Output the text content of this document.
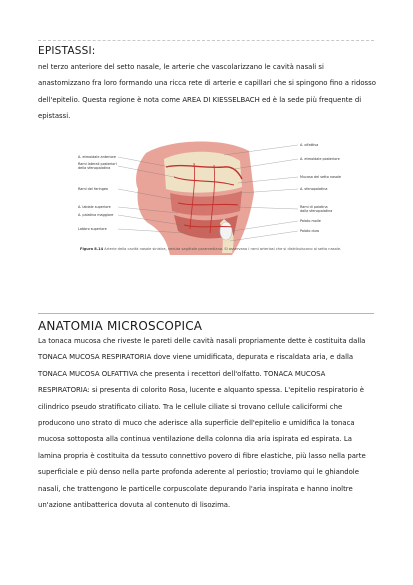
EPISTASSI:

nel terzo anteriore del setto nasale, le arterie che vascolarizzano le cavità nasali si anastomizzano fra loro formando una ricca rete di arterie e capillari che si spingono fino a ridosso dell'epitelio. Questa regione è nota come AREA DI KIESSELBACH ed è la sede più frequente di epistassi.

A. etmoidale anteriore
Rami laterali posteriori
della sfenopalatina
Rami del faringeo
A. labiale superiore
A. palatina maggiore
Labbro superiore
A. olfattiva
A. etmoidale posteriore
Mucosa del setto nasale
A. sfenopalatina
Rami di palatina
dalla sfenopalatina
Palato molle
Palato duro
Figura 8.14 Arterie della cavità nasale sinistra, veduta sagittale paramediana. Si osservano i rami arteriosi che si distribuiscono al setto nasale.
ANATOMIA MICROSCOPICA

La tonaca mucosa che riveste le pareti delle cavità nasali propriamente dette è costituita dalla TONACA MUCOSA RESPIRATORIA dove viene umidificata, depurata e riscaldata aria, e dalla TONACA MUCOSA OLFATTIVA che presenta i recettori dell'olfatto. TONACA MUCOSA RESPIRATORIA: si presenta di colorito Rosa, lucente e alquanto spessa. L'epitelio respiratorio è cilindrico pseudo stratificato ciliato. Tra le cellule ciliate si trovano cellule caliciformi che producono uno strato di muco che aderisce alla superficie dell'epitelio e umidifica la tonaca mucosa sottoposta alla continua ventilazione della colonna dia aria ispirata ed espirata. La lamina propria è costituita da tessuto connettivo povero di fibre elastiche, più lasso nella parte superficiale e più denso nella parte profonda aderente al periostio; troviamo qui le ghiandole nasali, che trattengono le particelle corpuscolate depurando l'aria inspirata e hanno inoltre un'azione antibatterica dovuta al contenuto di lisozima.
